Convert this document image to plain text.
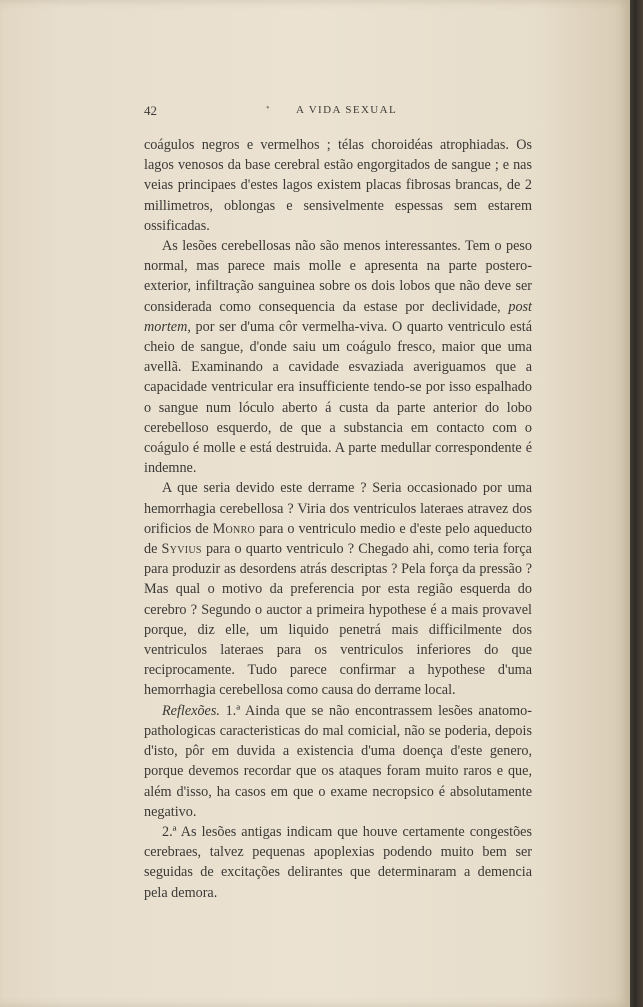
42	• A VIDA SEXUAL

coágulos negros e vermelhos ; télas choroidéas atrophiadas. Os lagos venosos da base cerebral estão engorgitados de sangue ; e nas veias principaes d'estes lagos existem placas fibrosas brancas, de 2 millimetros, oblongas e sensivelmente espessas sem estarem ossificadas.

As lesões cerebellosas não são menos interessantes. Tem o peso normal, mas parece mais molle e apresenta na parte postero-exterior, infiltração sanguinea sobre os dois lobos que não deve ser considerada como consequencia da estase por declividade, post mortem, por ser d'uma côr vermelha-viva. O quarto ventriculo está cheio de sangue, d'onde saiu um coágulo fresco, maior que uma avellã. Examinando a cavidade esvaziada averiguamos que a capacidade ventricular era insufficiente tendo-se por isso espalhado o sangue num lóculo aberto á custa da parte anterior do lobo cerebelloso esquerdo, de que a substancia em contacto com o coágulo é molle e está destruida. A parte medullar correspondente é indemne.

A que seria devido este derrame ? Seria occasionado por uma hemorrhagia cerebellosa ? Viria dos ventriculos lateraes atravez dos orificios de Monro para o ventriculo medio e d'este pelo aqueducto de Syvius para o quarto ventriculo ? Chegado ahi, como teria força para produzir as desordens atrás descriptas ? Pela força da pressão ? Mas qual o motivo da preferencia por esta região esquerda do cerebro ? Segundo o auctor a primeira hypothese é a mais provavel porque, diz elle, um liquido penetrá mais difficilmente dos ventriculos lateraes para os ventriculos inferiores do que reciprocamente. Tudo parece confirmar a hypothese d'uma hemorrhagia cerebellosa como causa do derrame local.

Reflexões. 1.ª Ainda que se não encontrassem lesões anatomo-pathologicas caracteristicas do mal comicial, não se poderia, depois d'isto, pôr em duvida a existencia d'uma doença d'este genero, porque devemos recordar que os ataques foram muito raros e que, além d'isso, ha casos em que o exame necropsico é absolutamente negativo.

2.ª As lesões antigas indicam que houve certamente congestões cerebraes, talvez pequenas apoplexias podendo muito bem ser seguidas de excitações delirantes que determinaram a demencia pela demora.
